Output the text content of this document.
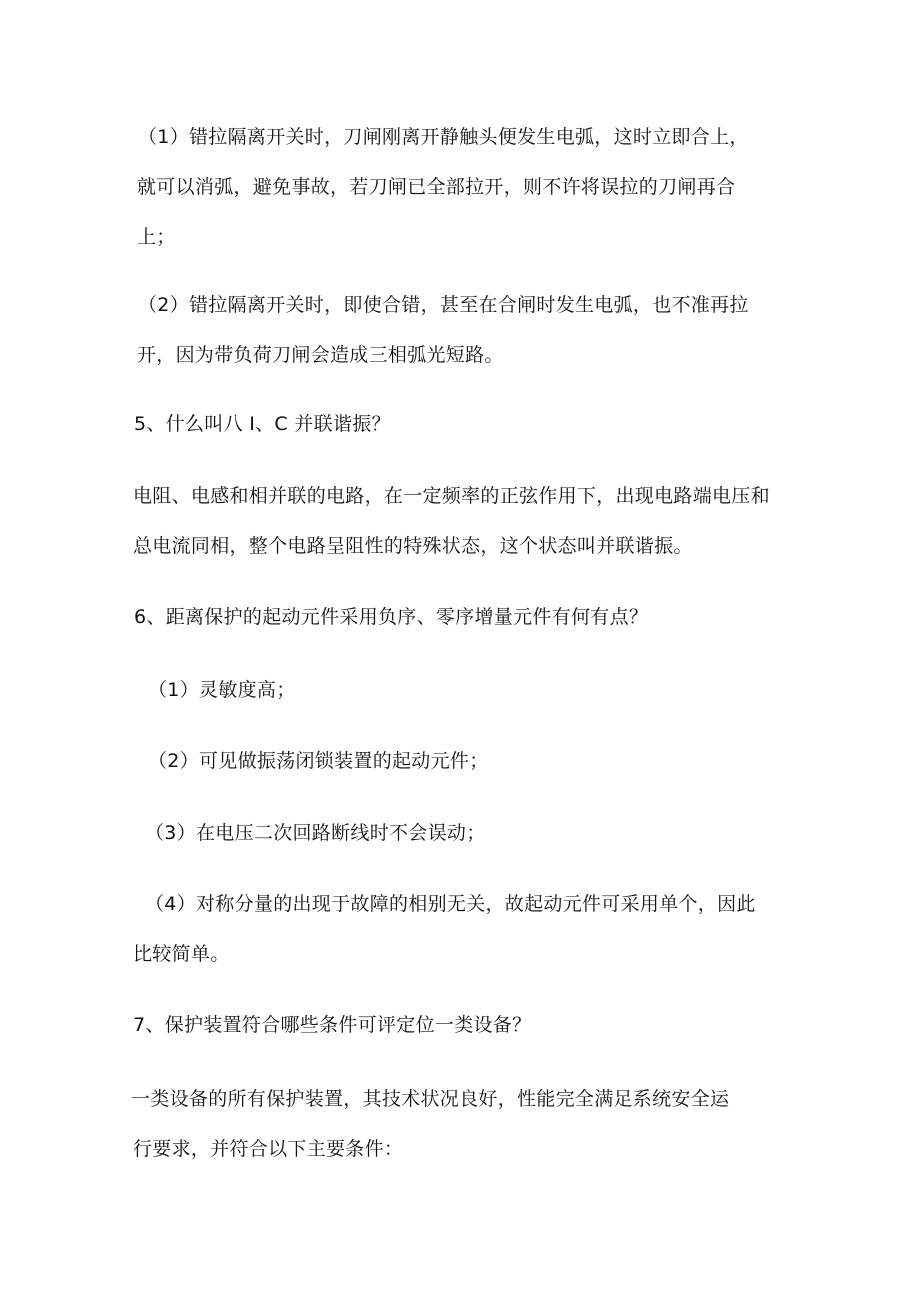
（1）错拉隔离开关时，刀闸刚离开静触头便发生电弧，这时立即合上，
就可以消弧，避免事故，若刀闸已全部拉开，则不许将误拉的刀闸再合
上；
（2）错拉隔离开关时，即使合错，甚至在合闸时发生电弧，也不准再拉
开，因为带负荷刀闸会造成三相弧光短路。
5、什么叫八 I、C 并联谐振？
电阻、电感和相并联的电路，在一定频率的正弦作用下，出现电路端电压和
总电流同相，整个电路呈阻性的特殊状态，这个状态叫并联谐振。
6、距离保护的起动元件采用负序、零序增量元件有何有点？
（1）灵敏度高；
（2）可见做振荡闭锁装置的起动元件；
（3）在电压二次回路断线时不会误动；
（4）对称分量的出现于故障的相别无关，故起动元件可采用单个，因此
比较简单。
7、保护装置符合哪些条件可评定位一类设备？
一类设备的所有保护装置，其技术状况良好，性能完全满足系统安全运
行要求，并符合以下主要条件：
